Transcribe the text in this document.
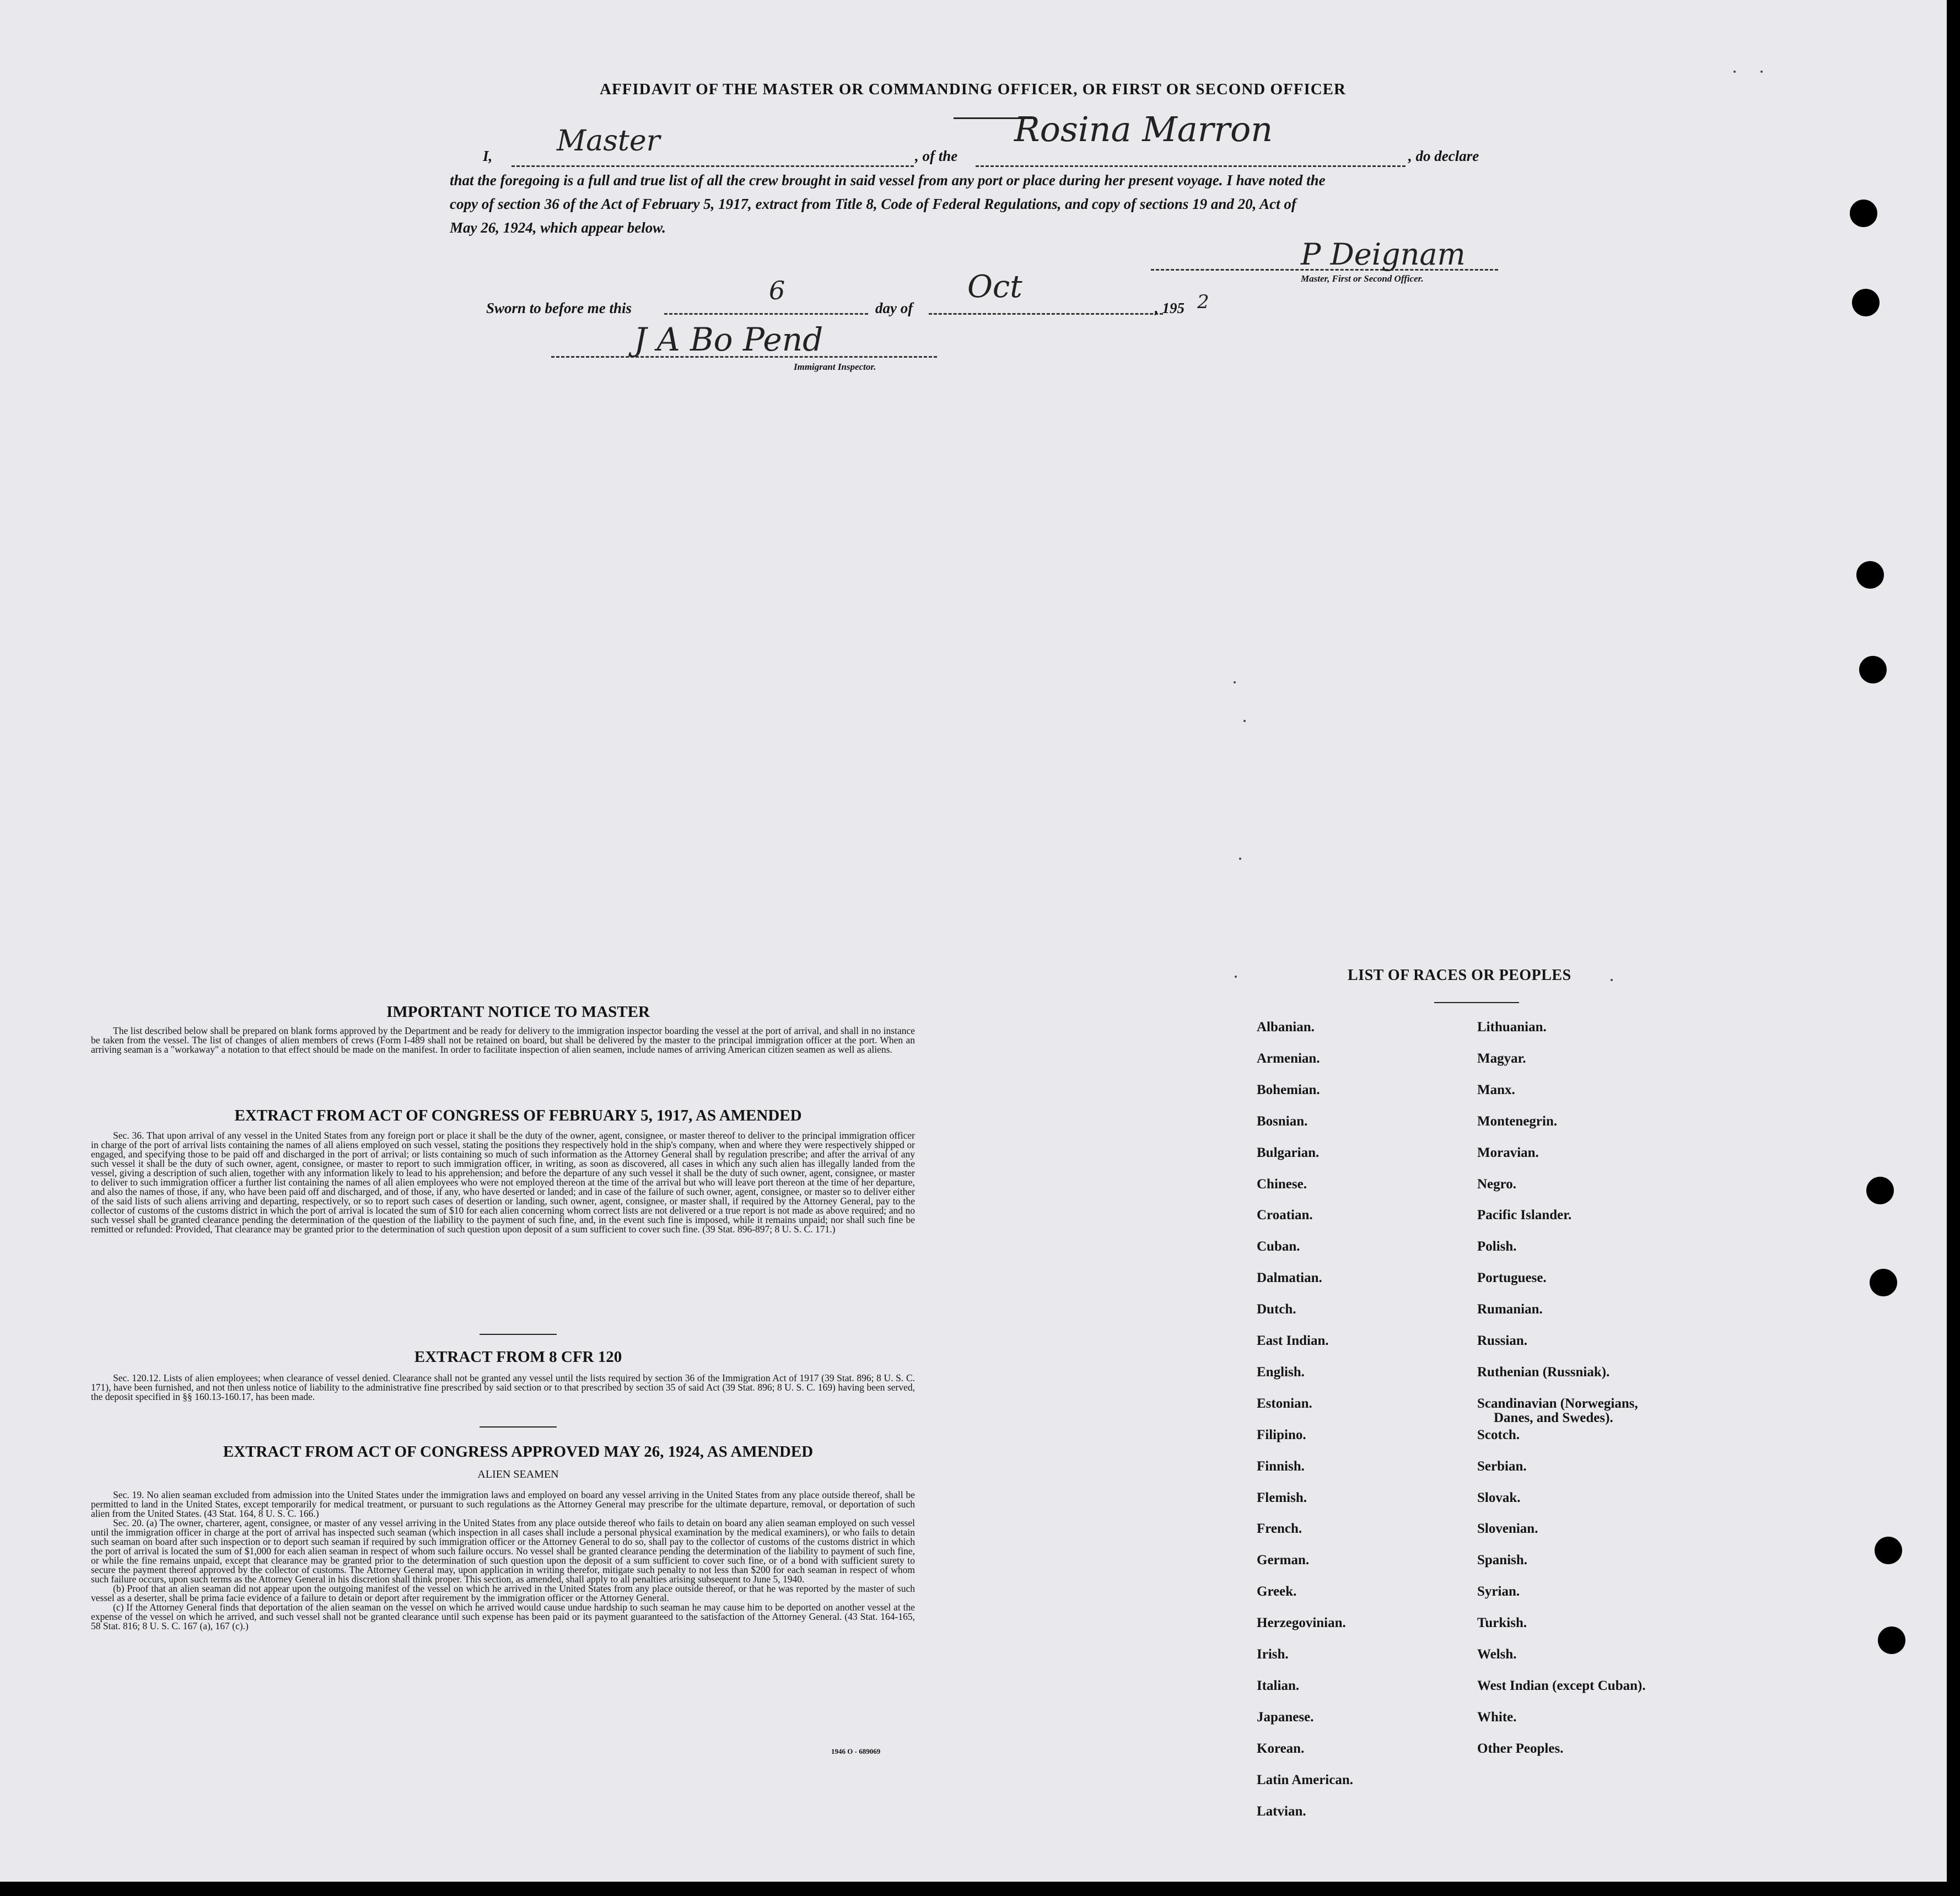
AFFIDAVIT OF THE MASTER OR COMMANDING OFFICER, OR FIRST OR SECOND OFFICER
I, Master	, of the
Rosina Marron
, do declare
that the foregoing is a full and true list of all the crew brought in said vessel from any port or place during her present voyage. I have noted the
copy of section 36 of the Act of February 5, 1917, extract from Title 8, Code of Federal Regulations, and copy of sections 19 and 20, Act of
May 26, 1924, which appear below.
P Deignam
Master, First or Second Officer.
Sworn to before me this
6
day of
Oct
, 195 2
J A Bo Pend
Immigrant Inspector.
IMPORTANT NOTICE TO MASTER

The list described below shall be prepared on blank forms approved by the Department and be ready for delivery to the immigration inspector boarding the vessel at the port of arrival, and shall in no instance be taken from the vessel. The list of changes of alien members of crews (Form I-489 shall not be retained on board, but shall be delivered by the master to the principal immigration officer at the port. When an arriving seaman is a "workaway" a notation to that effect should be made on the manifest. In order to facilitate inspection of alien seamen, include names of arriving American citizen seamen as well as aliens.

EXTRACT FROM ACT OF CONGRESS OF FEBRUARY 5, 1917, AS AMENDED

Sec. 36. That upon arrival of any vessel in the United States from any foreign port or place it shall be the duty of the owner, agent, consignee, or master thereof to deliver to the principal immigration officer in charge of the port of arrival lists containing the names of all aliens employed on such vessel, stating the positions they respectively hold in the ship's company, when and where they were respectively shipped or engaged, and specifying those to be paid off and discharged in the port of arrival; or lists containing so much of such information as the Attorney General shall by regulation prescribe; and after the arrival of any such vessel it shall be the duty of such owner, agent, consignee, or master to report to such immigration officer, in writing, as soon as discovered, all cases in which any such alien has illegally landed from the vessel, giving a description of such alien, together with any information likely to lead to his apprehension; and before the departure of any such vessel it shall be the duty of such owner, agent, consignee, or master to deliver to such immigration officer a further list containing the names of all alien employees who were not employed thereon at the time of the arrival but who will leave port thereon at the time of her departure, and also the names of those, if any, who have been paid off and discharged, and of those, if any, who have deserted or landed; and in case of the failure of such owner, agent, consignee, or master so to deliver either of the said lists of such aliens arriving and departing, respectively, or so to report such cases of desertion or landing, such owner, agent, consignee, or master shall, if required by the Attorney General, pay to the collector of customs of the customs district in which the port of arrival is located the sum of $10 for each alien concerning whom correct lists are not delivered or a true report is not made as above required; and no such vessel shall be granted clearance pending the determination of the question of the liability to the payment of such fine, and, in the event such fine is imposed, while it remains unpaid; nor shall such fine be remitted or refunded: Provided, That clearance may be granted prior to the determination of such question upon deposit of a sum sufficient to cover such fine. (39 Stat. 896-897; 8 U. S. C. 171.)

EXTRACT FROM 8 CFR 120

Sec. 120.12. Lists of alien employees; when clearance of vessel denied. Clearance shall not be granted any vessel until the lists required by section 36 of the Immigration Act of 1917 (39 Stat. 896; 8 U. S. C. 171), have been furnished, and not then unless notice of liability to the administrative fine prescribed by said section or to that prescribed by section 35 of said Act (39 Stat. 896; 8 U. S. C. 169) having been served, the deposit specified in §§ 160.13-160.17, has been made.

EXTRACT FROM ACT OF CONGRESS APPROVED MAY 26, 1924, AS AMENDED
ALIEN SEAMEN

Sec. 19. No alien seaman excluded from admission into the United States under the immigration laws and employed on board any vessel arriving in the United States from any place outside thereof, shall be permitted to land in the United States, except temporarily for medical treatment, or pursuant to such regulations as the Attorney General may prescribe for the ultimate departure, removal, or deportation of such alien from the United States. (43 Stat. 164, 8 U. S. C. 166.)

Sec. 20. (a) The owner, charterer, agent, consignee, or master of any vessel arriving in the United States from any place outside thereof who fails to detain on board any alien seaman employed on such vessel until the immigration officer in charge at the port of arrival has inspected such seaman (which inspection in all cases shall include a personal physical examination by the medical examiners), or who fails to detain such seaman on board after such inspection or to deport such seaman if required by such immigration officer or the Attorney General to do so, shall pay to the collector of customs of the customs district in which the port of arrival is located the sum of $1,000 for each alien seaman in respect of whom such failure occurs. No vessel shall be granted clearance pending the determination of the liability to payment of such fine, or while the fine remains unpaid, except that clearance may be granted prior to the determination of such question upon the deposit of a sum sufficient to cover such fine, or of a bond with sufficient surety to secure the payment thereof approved by the collector of customs. The Attorney General may, upon application in writing therefor, mitigate such penalty to not less than $200 for each seaman in respect of whom such failure occurs, upon such terms as the Attorney General in his discretion shall think proper. This section, as amended, shall apply to all penalties arising subsequent to June 5, 1940.

(b) Proof that an alien seaman did not appear upon the outgoing manifest of the vessel on which he arrived in the United States from any place outside thereof, or that he was reported by the master of such vessel as a deserter, shall be prima facie evidence of a failure to detain or deport after requirement by the immigration officer or the Attorney General.

(c) If the Attorney General finds that deportation of the alien seaman on the vessel on which he arrived would cause undue hardship to such seaman he may cause him to be deported on another vessel at the expense of the vessel on which he arrived, and such vessel shall not be granted clearance until such expense has been paid or its payment guaranteed to the satisfaction of the Attorney General. (43 Stat. 164-165, 58 Stat. 816; 8 U. S. C. 167 (a), 167 (c).)

1946 O - 689069
LIST OF RACES OR PEOPLES
Albanian.
Armenian.
Bohemian.
Bosnian.
Bulgarian.
Chinese.
Croatian.
Cuban.
Dalmatian.
Dutch.
East Indian.
English.
Estonian.
Filipino.
Finnish.
Flemish.
French.
German.
Greek.
Herzegovinian.
Irish.
Italian.
Japanese.
Korean.
Latin American.
Latvian.
Lithuanian.
Magyar.
Manx.
Montenegrin.
Moravian.
Negro.
Pacific Islander.
Polish.
Portuguese.
Rumanian.
Russian.
Ruthenian (Russniak).
Scandinavian (Norwegians,
Danes, and Swedes).
Scotch.
Serbian.
Slovak.
Slovenian.
Spanish.
Syrian.
Turkish.
Welsh.
West Indian (except Cuban).
White.
Other Peoples.
